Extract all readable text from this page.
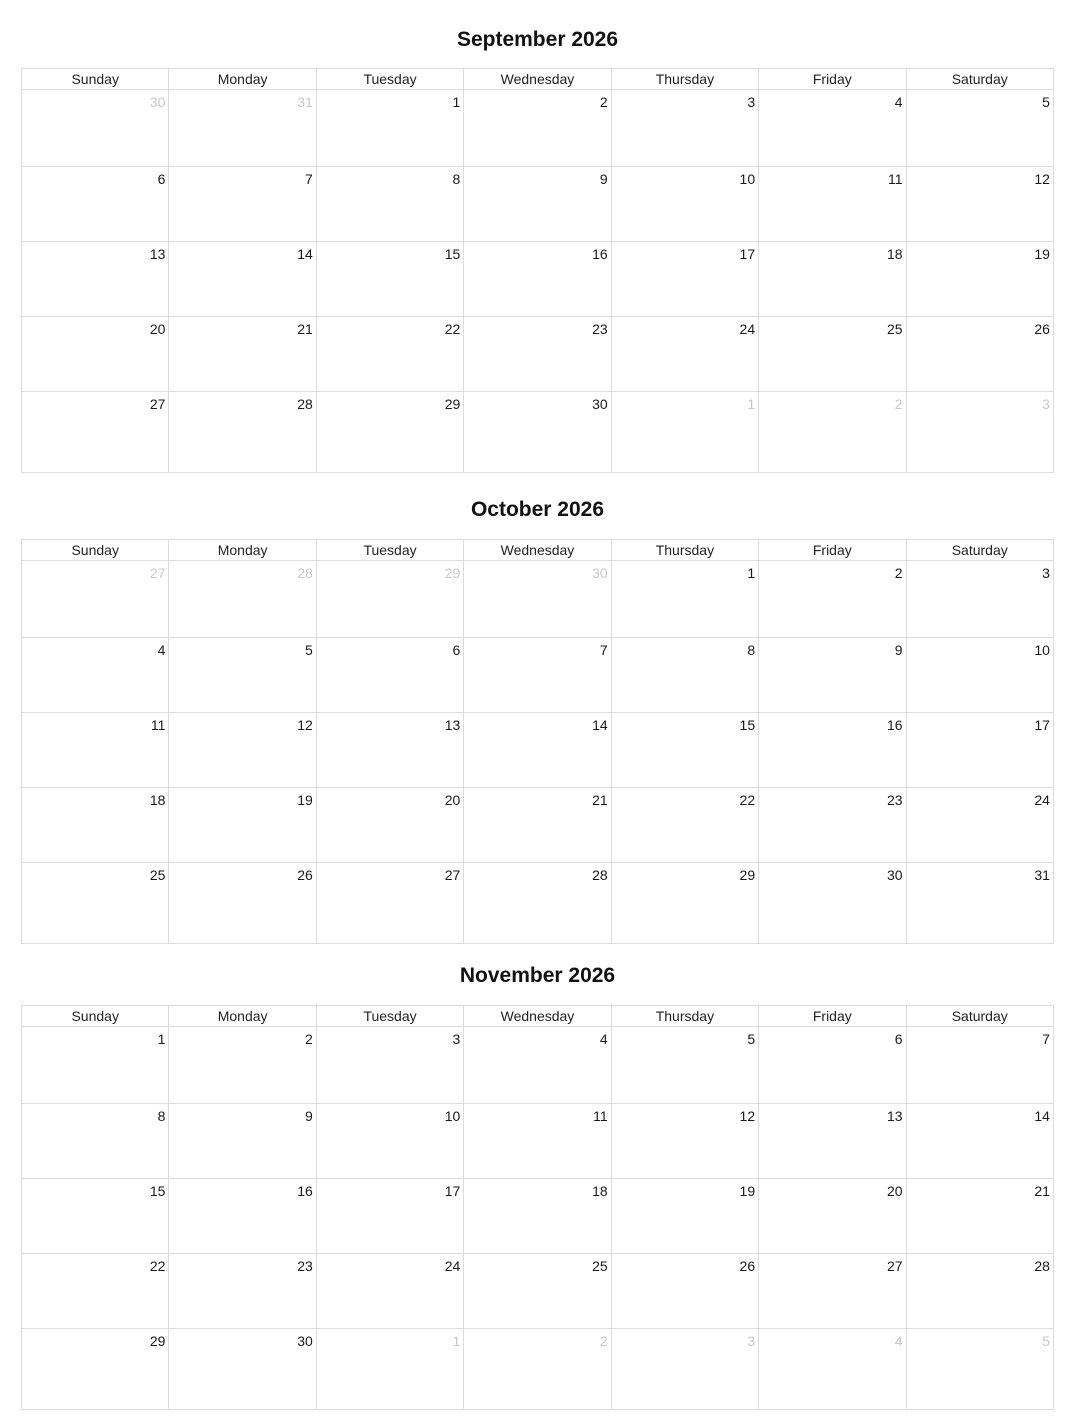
September 2026
Sunday	Monday	Tuesday	Wednesday	Thursday	Friday	Saturday
30	31	1	2	3	4	5
6	7	8	9	10	11	12
13	14	15	16	17	18	19
20	21	22	23	24	25	26
27	28	29	30	1	2	3
October 2026
Sunday	Monday	Tuesday	Wednesday	Thursday	Friday	Saturday
27	28	29	30	1	2	3
4	5	6	7	8	9	10
11	12	13	14	15	16	17
18	19	20	21	22	23	24
25	26	27	28	29	30	31
November 2026
Sunday	Monday	Tuesday	Wednesday	Thursday	Friday	Saturday
1	2	3	4	5	6	7
8	9	10	11	12	13	14
15	16	17	18	19	20	21
22	23	24	25	26	27	28
29	30	1	2	3	4	5
